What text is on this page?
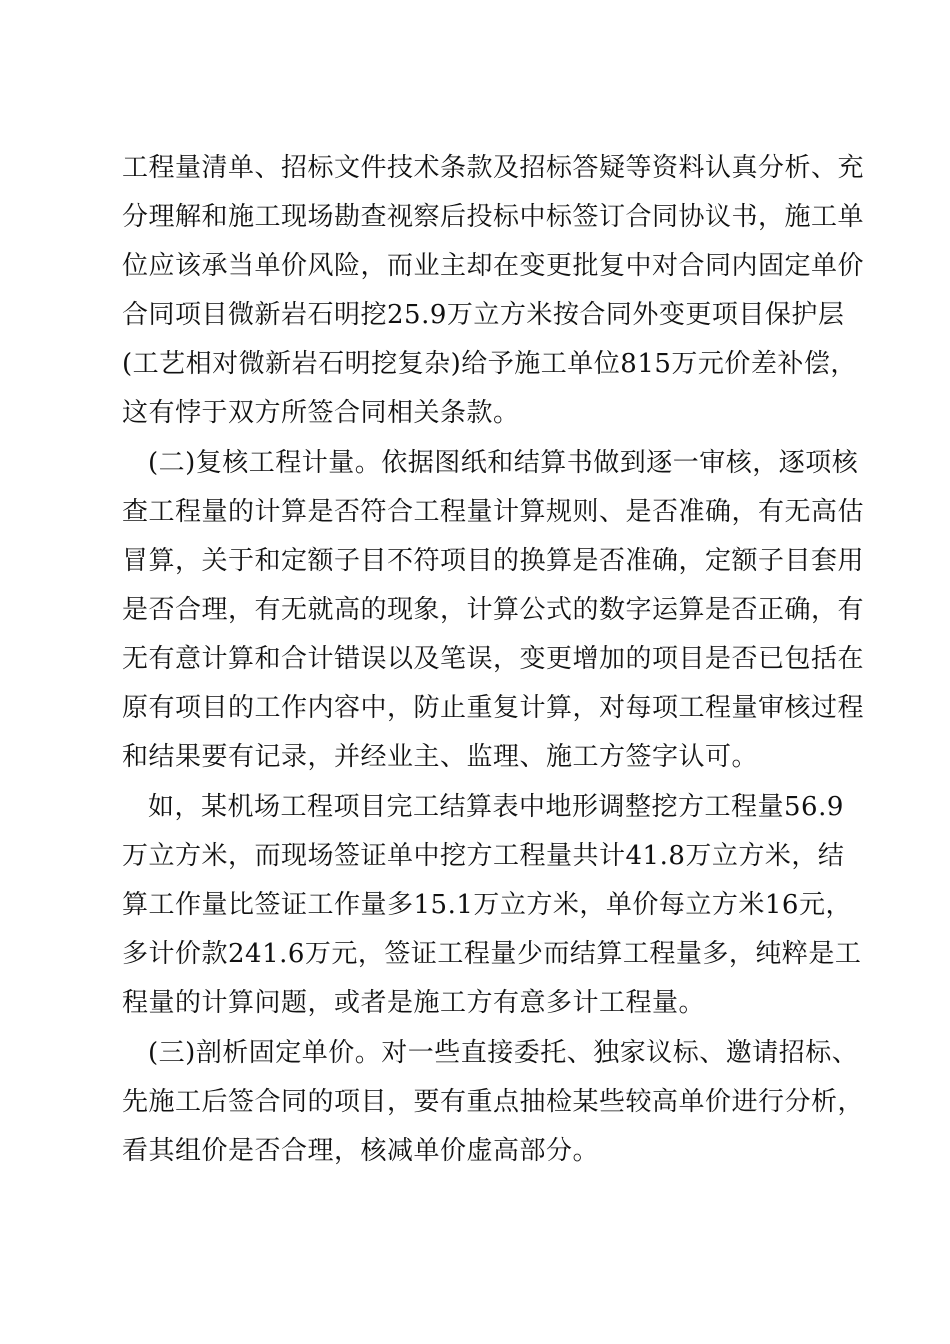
工程量清单、招标文件技术条款及招标答疑等资料认真分析、充
分理解和施工现场勘查视察后投标中标签订合同协议书，施工单
位应该承当单价风险，而业主却在变更批复中对合同内固定单价
合同项目微新岩石明挖25.9万立方米按合同外变更项目保护层
(工艺相对微新岩石明挖复杂)给予施工单位815万元价差补偿，
这有悖于双方所签合同相关条款。
(二)复核工程计量。依据图纸和结算书做到逐一审核，逐项核
查工程量的计算是否符合工程量计算规则、是否准确，有无高估
冒算，关于和定额子目不符项目的换算是否准确，定额子目套用
是否合理，有无就高的现象，计算公式的数字运算是否正确，有
无有意计算和合计错误以及笔误，变更增加的项目是否已包括在
原有项目的工作内容中，防止重复计算，对每项工程量审核过程
和结果要有记录，并经业主、监理、施工方签字认可。
如，某机场工程项目完工结算表中地形调整挖方工程量56.9
万立方米，而现场签证单中挖方工程量共计41.8万立方米，结
算工作量比签证工作量多15.1万立方米，单价每立方米16元，
多计价款241.6万元，签证工程量少而结算工程量多，纯粹是工
程量的计算问题，或者是施工方有意多计工程量。
(三)剖析固定单价。对一些直接委托、独家议标、邀请招标、
先施工后签合同的项目，要有重点抽检某些较高单价进行分析，
看其组价是否合理，核减单价虚高部分。
